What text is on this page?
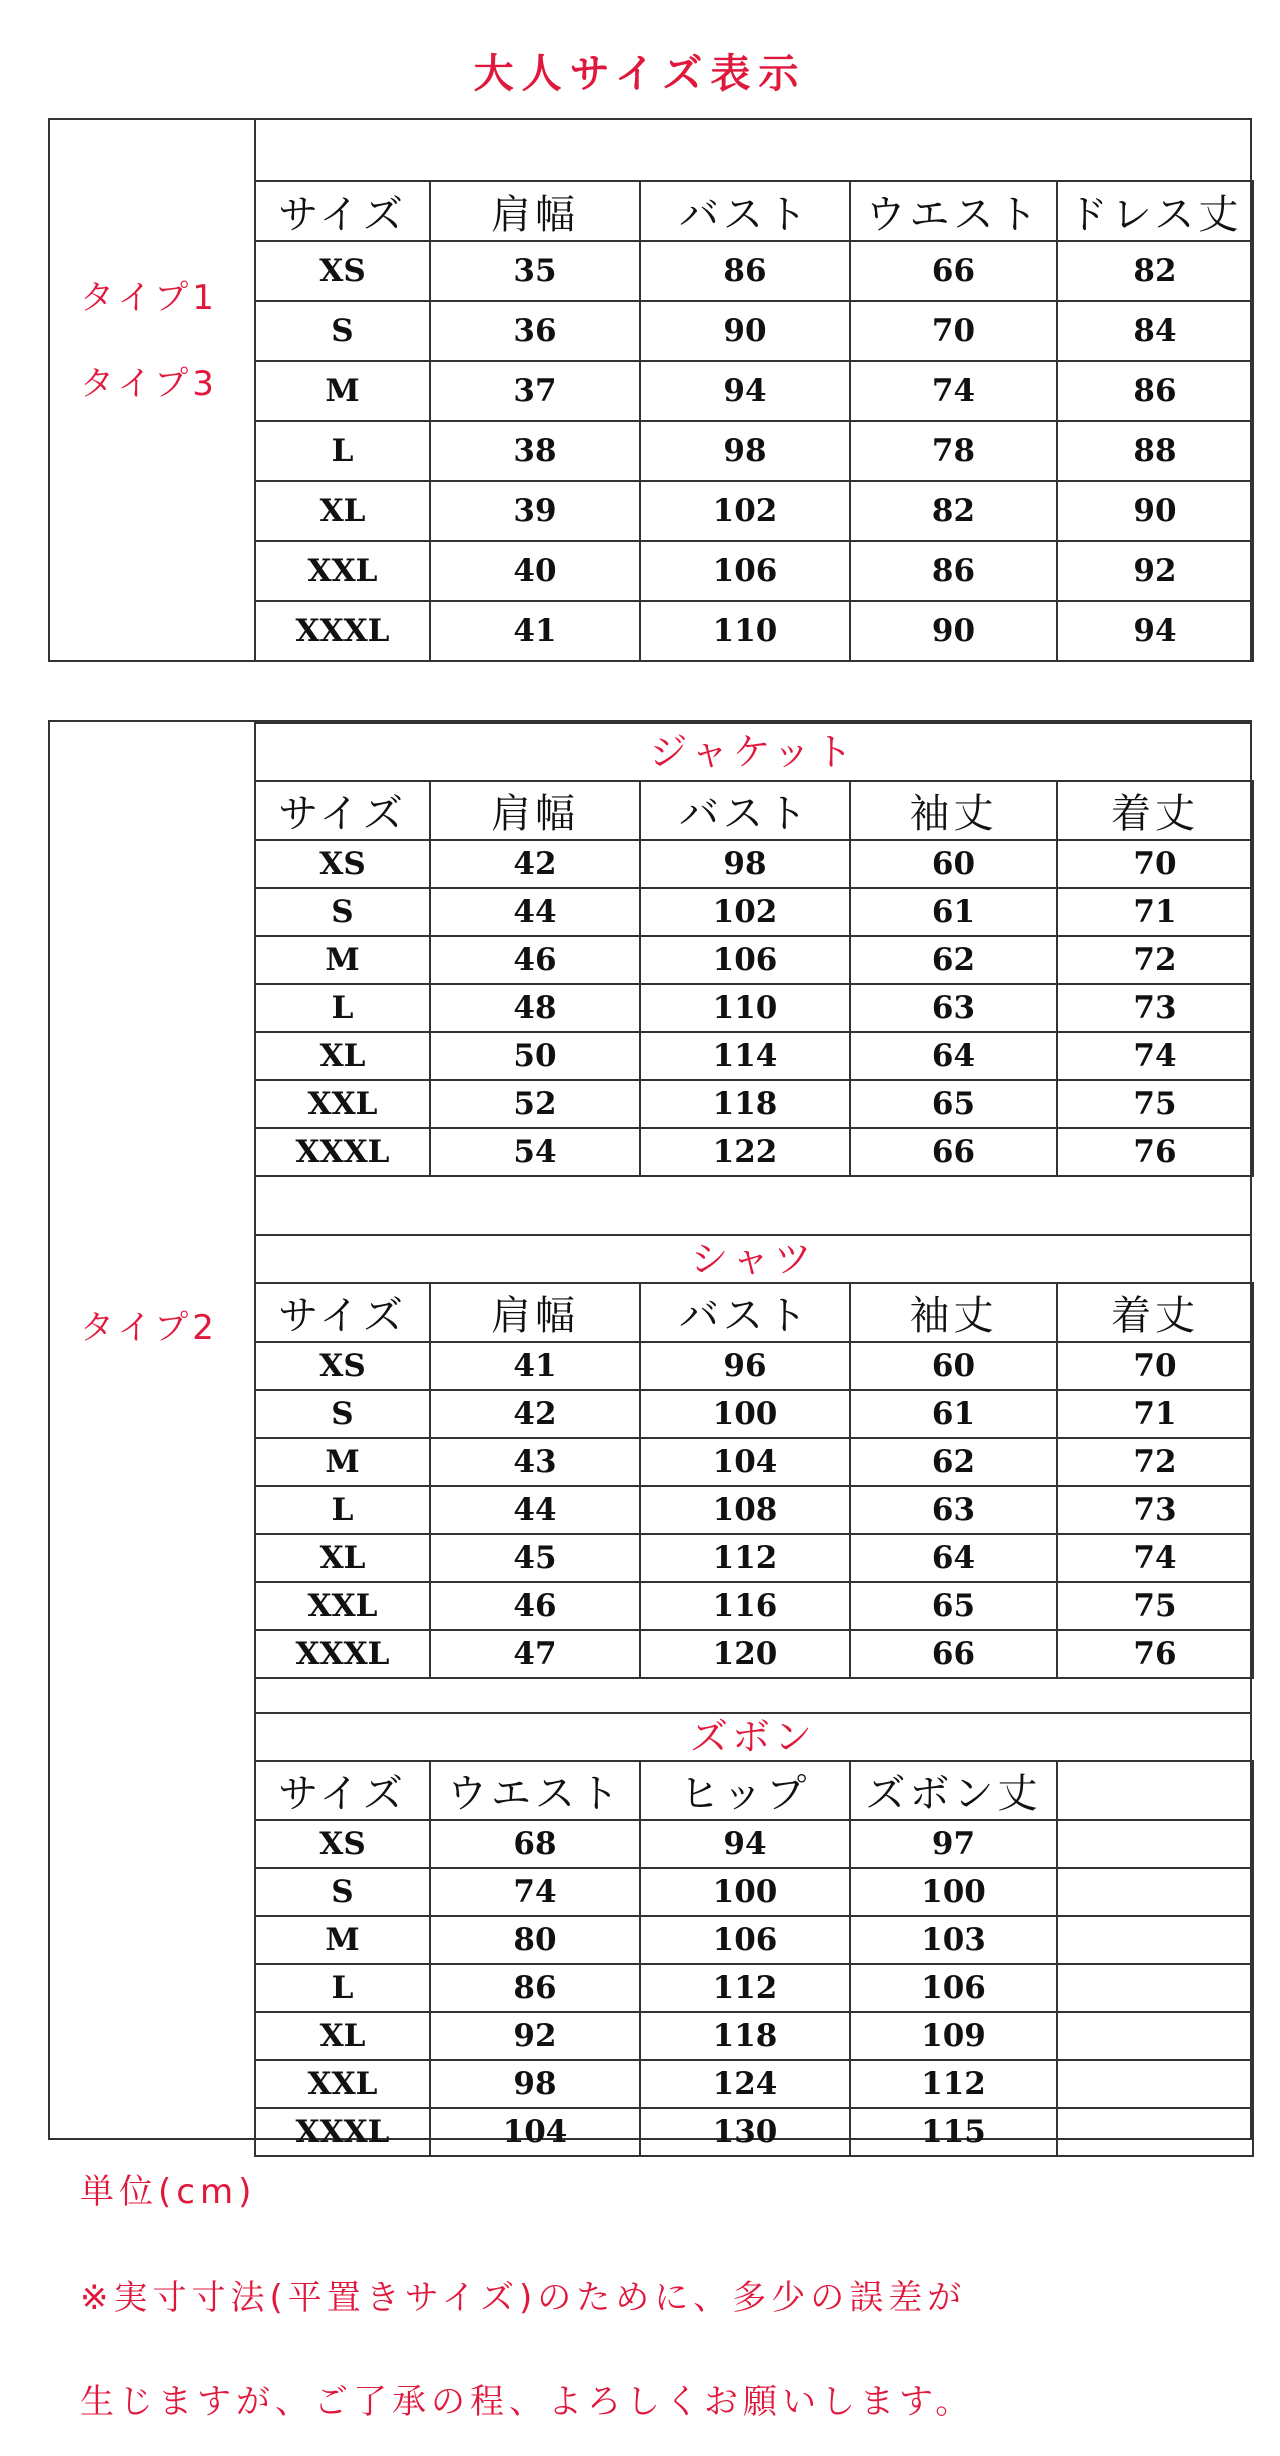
大人サイズ表示
タイプ1
タイプ3
サイズ	肩幅	バスト	ウエスト	ドレス丈
XS	35	86	66	82
S	36	90	70	84
M	37	94	74	86
L	38	98	78	88
XL	39	102	82	90
XXL	40	106	86	92
XXXL	41	110	90	94
タイプ2
ジャケット
サイズ	肩幅	バスト	袖丈	着丈
XS	42	98	60	70
S	44	102	61	71
M	46	106	62	72
L	48	110	63	73
XL	50	114	64	74
XXL	52	118	65	75
XXXL	54	122	66	76
シャツ
サイズ	肩幅	バスト	袖丈	着丈
XS	41	96	60	70
S	42	100	61	71
M	43	104	62	72
L	44	108	63	73
XL	45	112	64	74
XXL	46	116	65	75
XXXL	47	120	66	76
ズボン
サイズ	ウエスト	ヒップ	ズボン丈	
XS	68	94	97	
S	74	100	100	
M	80	106	103	
L	86	112	106	
XL	92	118	109	
XXL	98	124	112	
XXXL	104	130	115	
単位(cm)
※実寸寸法(平置きサイズ)のために、多少の誤差が
生じますが、ご了承の程、よろしくお願いします。
